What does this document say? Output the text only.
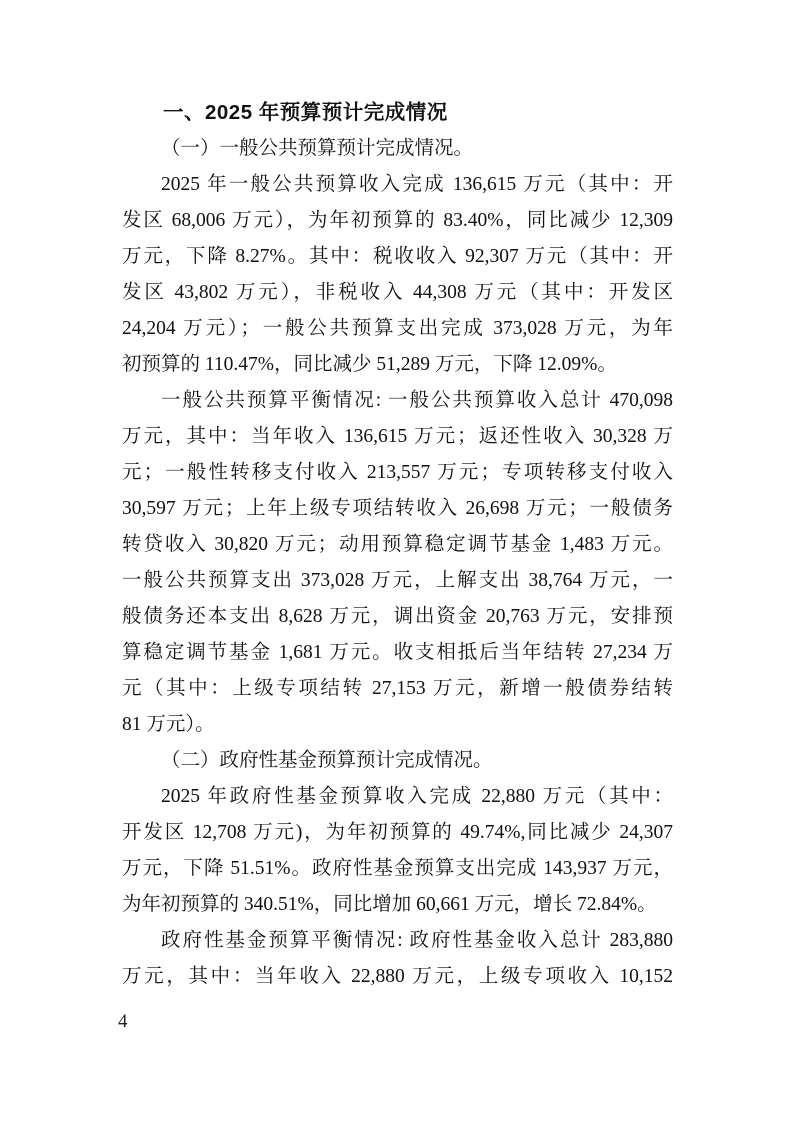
一、2025 年预算预计完成情况
（一）一般公共预算预计完成情况。
2025 年一般公共预算收入完成 136,615 万元（其中：开
发区 68,006 万元），为年初预算的 83.40%，同比减少 12,309
万元，下降 8.27%。其中：税收收入 92,307 万元（其中：开
发区 43,802 万元），非税收入 44,308 万元（其中：开发区
24,204 万元）；一般公共预算支出完成 373,028 万元，为年
初预算的 110.47%，同比减少 51,289 万元，下降 12.09%。
一般公共预算平衡情况: 一般公共预算收入总计 470,098
万元，其中：当年收入 136,615 万元；返还性收入 30,328 万
元；一般性转移支付收入 213,557 万元；专项转移支付收入
30,597 万元；上年上级专项结转收入 26,698 万元；一般债务
转贷收入 30,820 万元；动用预算稳定调节基金 1,483 万元。
一般公共预算支出 373,028 万元，上解支出 38,764 万元，一
般债务还本支出 8,628 万元，调出资金 20,763 万元，安排预
算稳定调节基金 1,681 万元。收支相抵后当年结转 27,234 万
元（其中：上级专项结转 27,153 万元，新增一般债券结转
81 万元）。
（二）政府性基金预算预计完成情况。
2025 年政府性基金预算收入完成 22,880 万元（其中：
开发区 12,708 万元)，为年初预算的 49.74%,同比减少 24,307
万元，下降 51.51%。政府性基金预算支出完成 143,937 万元，
为年初预算的 340.51%，同比增加 60,661 万元，增长 72.84%。
政府性基金预算平衡情况: 政府性基金收入总计 283,880
万元，其中：当年收入 22,880 万元，上级专项收入 10,152
4
